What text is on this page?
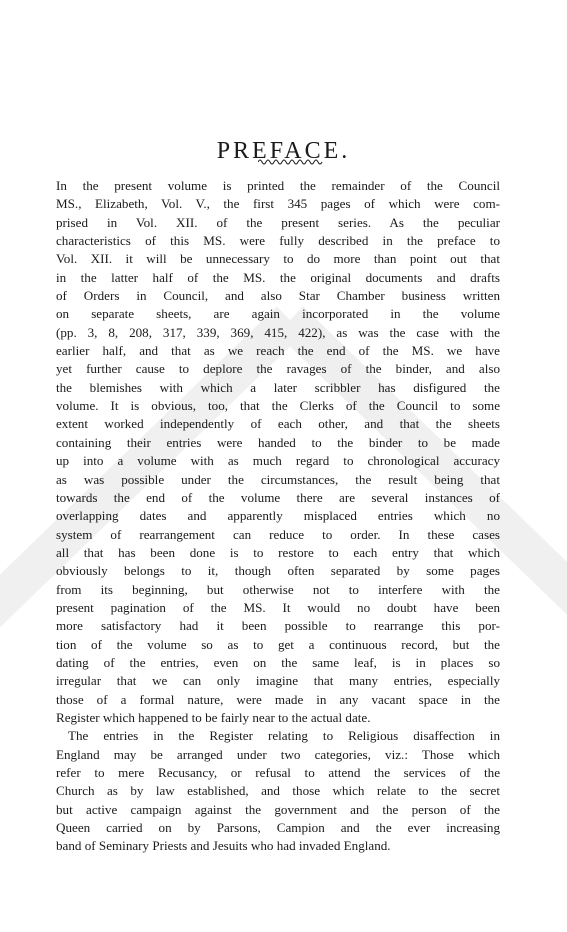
PREFACE.
In the present volume is printed the remainder of the Council
MS., Elizabeth, Vol. V., the first 345 pages of which were com-
prised in Vol. XII. of the present series. As the peculiar
characteristics of this MS. were fully described in the preface to
Vol. XII. it will be unnecessary to do more than point out that
in the latter half of the MS. the original documents and drafts
of Orders in Council, and also Star Chamber business written
on separate sheets, are again incorporated in the volume
(pp. 3, 8, 208, 317, 339, 369, 415, 422), as was the case with the
earlier half, and that as we reach the end of the MS. we have
yet further cause to deplore the ravages of the binder, and also
the blemishes with which a later scribbler has disfigured the
volume. It is obvious, too, that the Clerks of the Council to some
extent worked independently of each other, and that the sheets
containing their entries were handed to the binder to be made
up into a volume with as much regard to chronological accuracy
as was possible under the circumstances, the result being that
towards the end of the volume there are several instances of
overlapping dates and apparently misplaced entries which no
system of rearrangement can reduce to order. In these cases
all that has been done is to restore to each entry that which
obviously belongs to it, though often separated by some pages
from its beginning, but otherwise not to interfere with the
present pagination of the MS. It would no doubt have been
more satisfactory had it been possible to rearrange this por-
tion of the volume so as to get a continuous record, but the
dating of the entries, even on the same leaf, is in places so
irregular that we can only imagine that many entries, especially
those of a formal nature, were made in any vacant space in the
Register which happened to be fairly near to the actual date.
The entries in the Register relating to Religious disaffection in
England may be arranged under two categories, viz.: Those which
refer to mere Recusancy, or refusal to attend the services of the
Church as by law established, and those which relate to the secret
but active campaign against the government and the person of the
Queen carried on by Parsons, Campion and the ever increasing
band of Seminary Priests and Jesuits who had invaded England.
